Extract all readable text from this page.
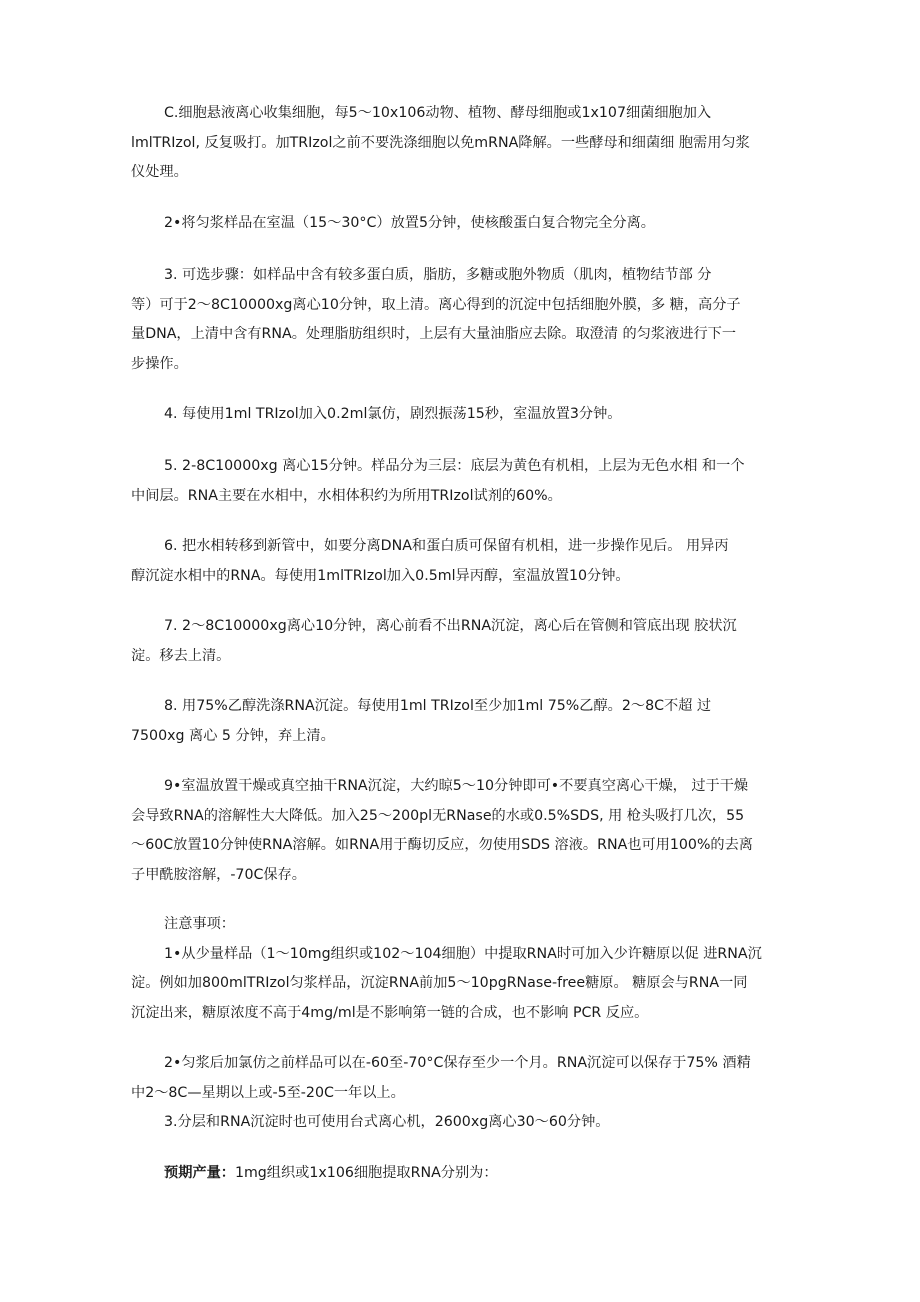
C.细胞悬液离心收集细胞，每5～10x106动物、植物、酵母细胞或1x107细菌细胞加入
lmlTRIzol, 反复吸打。加TRIzol之前不要洗涤细胞以免mRNA降解。一些酵母和细菌细 胞需用匀浆
仪处理。

2•将匀浆样品在室温（15～30°C）放置5分钟，使核酸蛋白复合物完全分离。

3. 可选步骤：如样品中含有较多蛋白质，脂肪，多糖或胞外物质（肌肉，植物结节部 分
等）可于2～8C10000xg离心10分钟，取上清。离心得到的沉淀中包括细胞外膜，多 糖，高分子
量DNA，上清中含有RNA。处理脂肪组织时，上层有大量油脂应去除。取澄清 的匀浆液进行下一
步操作。

4. 每使用1ml TRIzol加入0.2ml氯仿，剧烈振荡15秒，室温放置3分钟。

5. 2-8C10000xg 离心15分钟。样品分为三层：底层为黄色有机相，上层为无色水相 和一个
中间层。RNA主要在水相中，水相体积约为所用TRIzol试剂的60%。

6. 把水相转移到新管中，如要分离DNA和蛋白质可保留有机相，进一步操作见后。 用异丙
醇沉淀水相中的RNA。每使用1mlTRIzol加入0.5ml异丙醇，室温放置10分钟。

7. 2～8C10000xg离心10分钟，离心前看不出RNA沉淀，离心后在管侧和管底出现 胶状沉
淀。移去上清。

8. 用75%乙醇洗涤RNA沉淀。每使用1ml TRIzol至少加1ml 75%乙醇。2～8C不超 过
7500xg 离心 5 分钟，弃上清。

9•室温放置干燥或真空抽干RNA沉淀，大约晾5～10分钟即可•不要真空离心干燥， 过于干燥
会导致RNA的溶解性大大降低。加入25～200pl无RNase的水或0.5%SDS, 用 枪头吸打几次，55
～60C放置10分钟使RNA溶解。如RNA用于酶切反应，勿使用SDS 溶液。RNA也可用100%的去离
子甲酰胺溶解，-70C保存。

注意事项：
1•从少量样品（1～10mg组织或102～104细胞）中提取RNA时可加入少许糖原以促 进RNA沉
淀。例如加800mlTRIzol匀浆样品，沉淀RNA前加5～10pgRNase-free糖原。 糖原会与RNA一同
沉淀出来，糖原浓度不高于4mg/ml是不影响第一链的合成，也不影响 PCR 反应。

2•匀浆后加氯仿之前样品可以在-60至-70°C保存至少一个月。RNA沉淀可以保存于75% 酒精
中2～8C—星期以上或-5至-20C一年以上。
3.分层和RNA沉淀时也可使用台式离心机，2600xg离心30～60分钟。

预期产量：1mg组织或1x106细胞提取RNA分别为：
